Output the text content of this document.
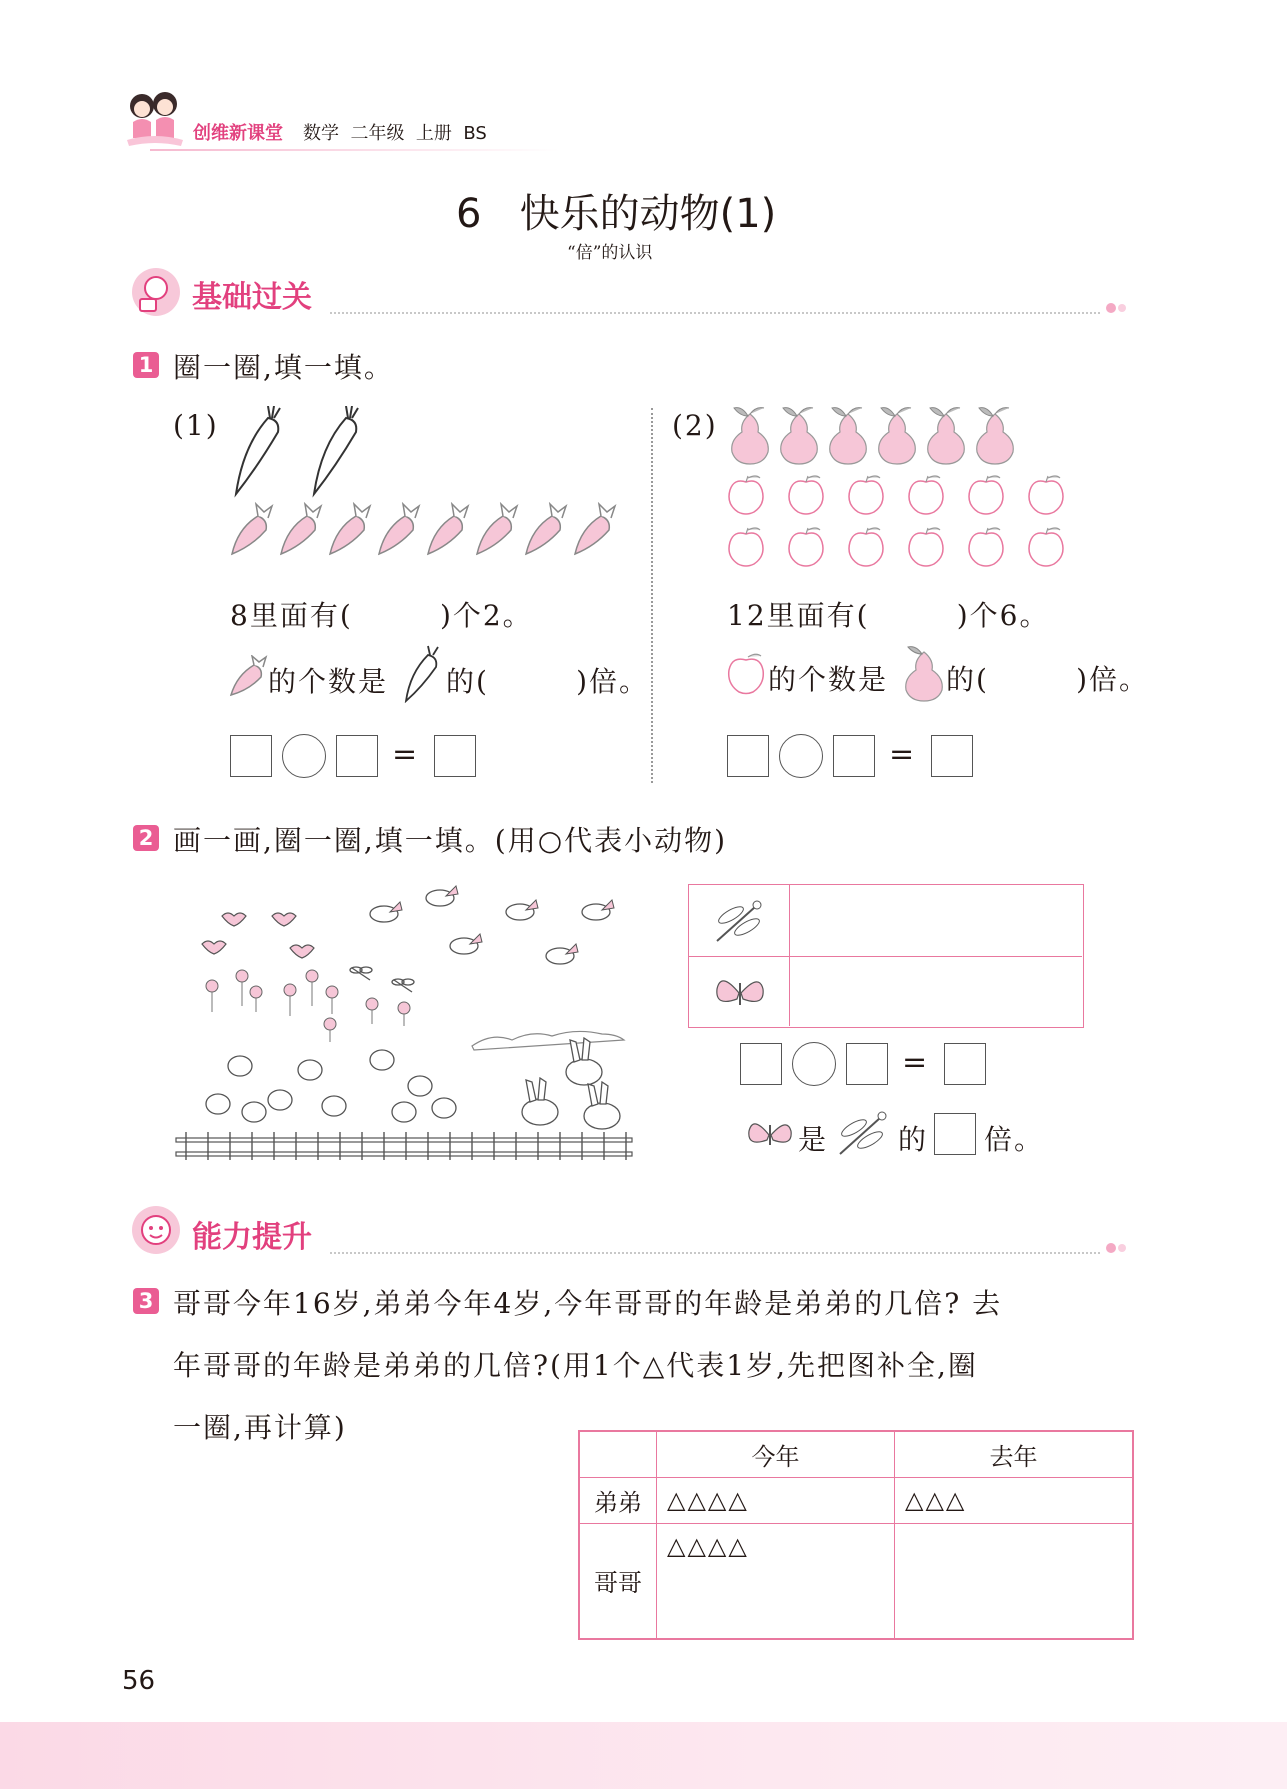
创维新课堂 数学  二年级  上册  BS
6   快乐的动物(1)
“倍”的认识
基础过关
1 圈一圈,填一填。
(1)
8里面有(        )个2。
的个数是 的(        )倍。
=
(2)
12里面有(        )个6。
的个数是 的(        )倍。
=
2 画一画,圈一圈,填一填。(用○代表小动物)
=
是 的 倍。
能力提升
3 哥哥今年16岁,弟弟今年4岁,今年哥哥的年龄是弟弟的几倍? 去
年哥哥的年龄是弟弟的几倍?(用1个△代表1岁,先把图补全,圈
一圈,再计算)
	今年	去年
弟弟	△△△△	△△△
哥哥	△△△△	
56
